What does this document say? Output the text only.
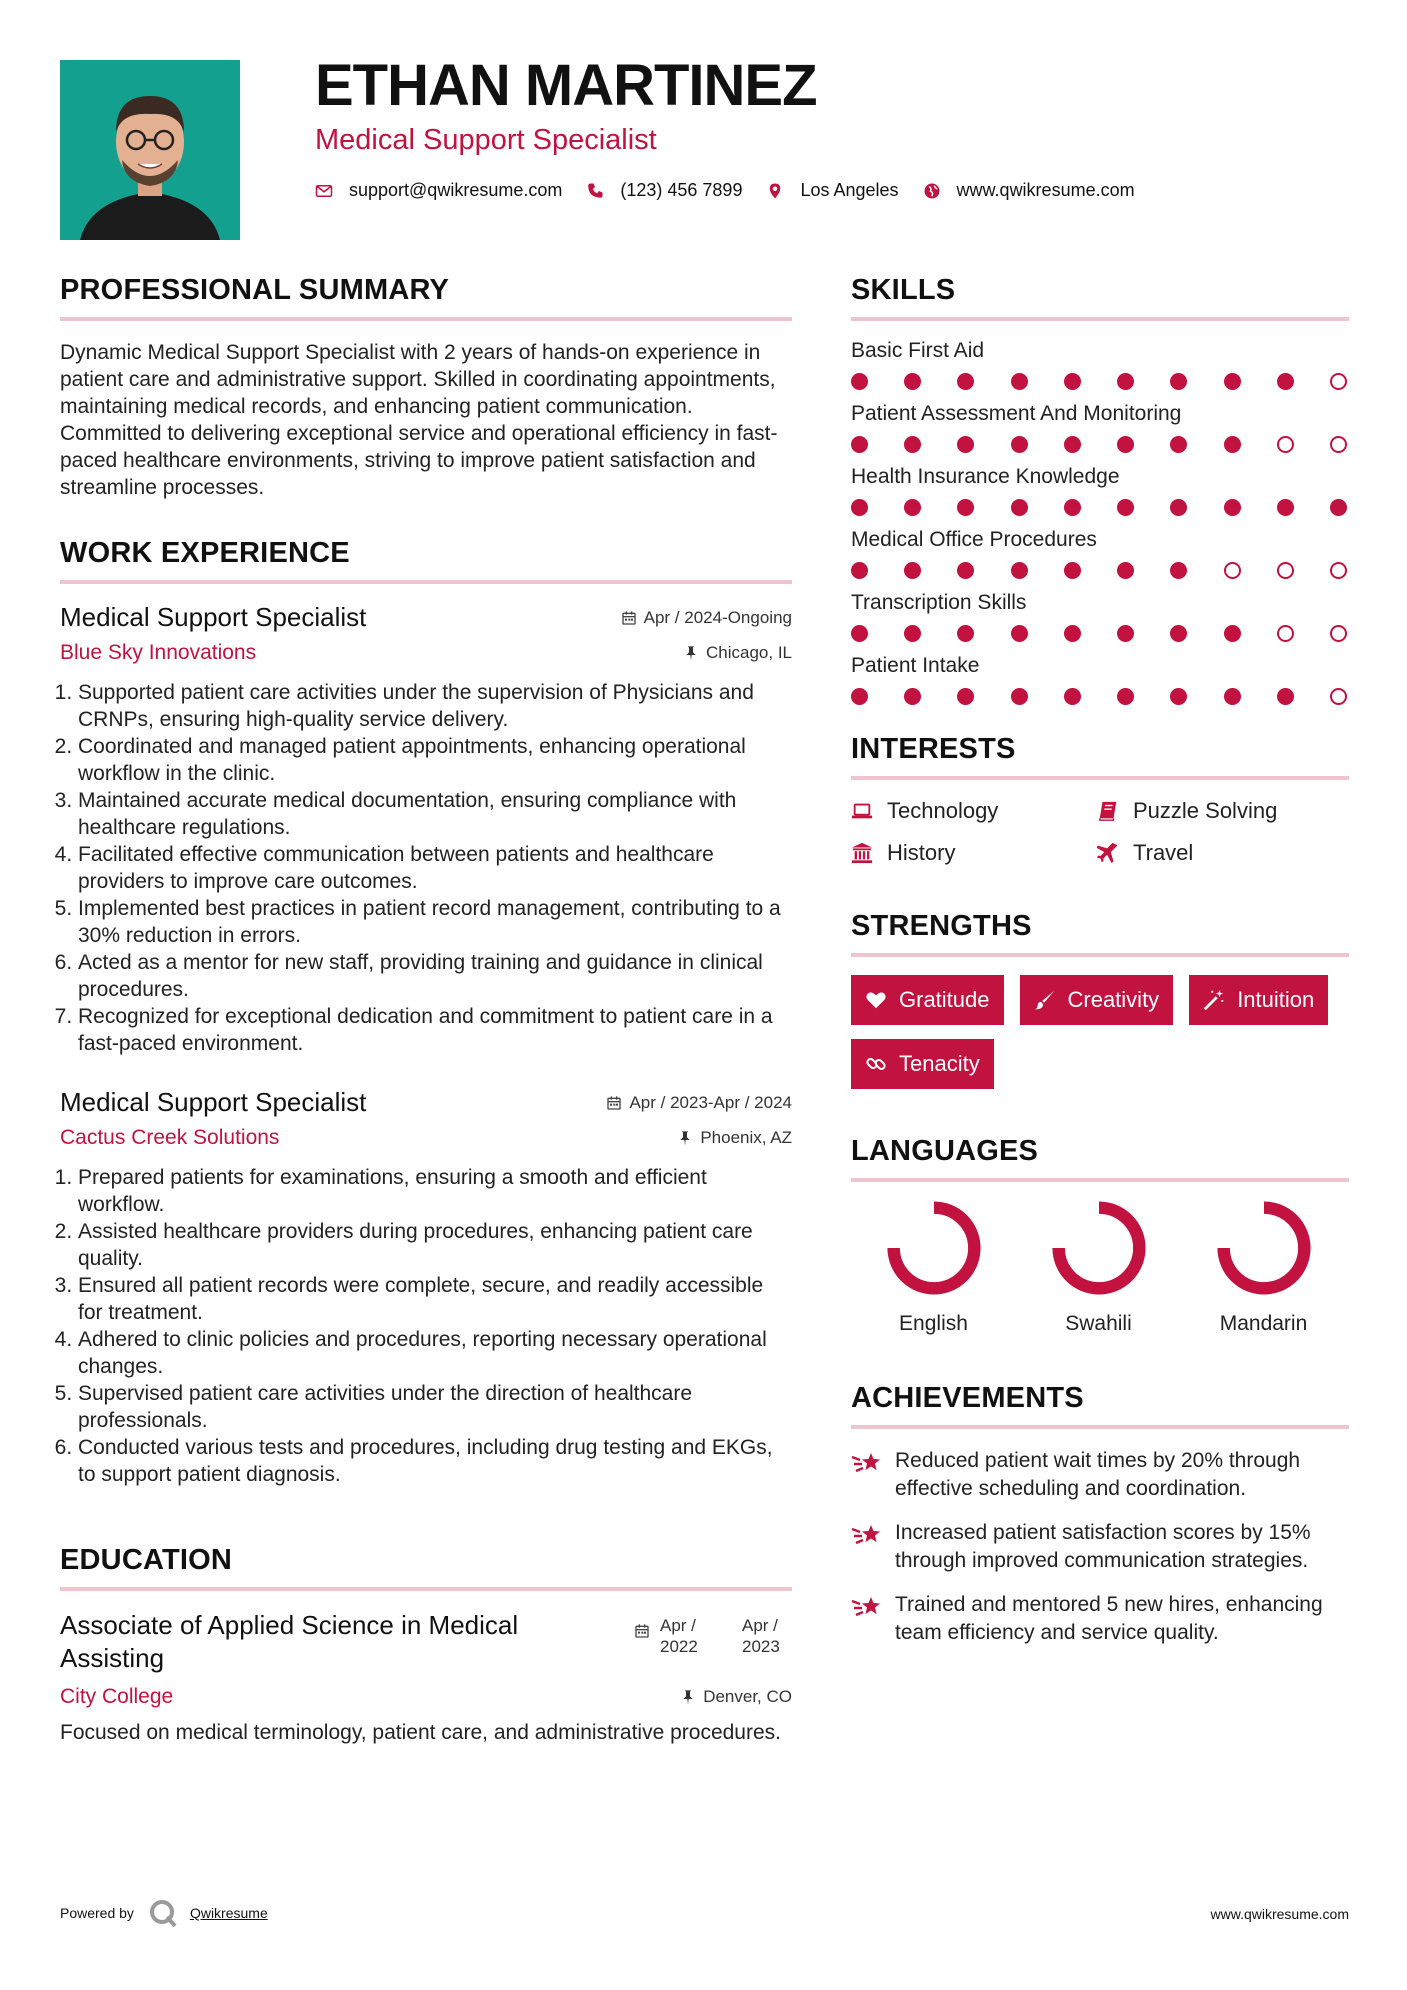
ETHAN MARTINEZ
Medical Support Specialist
support@qwikresume.com	(123) 456 7899	Los Angeles	www.qwikresume.com
PROFESSIONAL SUMMARY
Dynamic Medical Support Specialist with 2 years of hands-on experience in patient care and administrative support. Skilled in coordinating appointments, maintaining medical records, and enhancing patient communication. Committed to delivering exceptional service and operational efficiency in fast-paced healthcare environments, striving to improve patient satisfaction and streamline processes.
WORK EXPERIENCE
Medical Support Specialist	Apr / 2024-Ongoing
Blue Sky Innovations	Chicago, IL
1. Supported patient care activities under the supervision of Physicians and CRNPs, ensuring high-quality service delivery.
2. Coordinated and managed patient appointments, enhancing operational workflow in the clinic.
3. Maintained accurate medical documentation, ensuring compliance with healthcare regulations.
4. Facilitated effective communication between patients and healthcare providers to improve care outcomes.
5. Implemented best practices in patient record management, contributing to a 30% reduction in errors.
6. Acted as a mentor for new staff, providing training and guidance in clinical procedures.
7. Recognized for exceptional dedication and commitment to patient care in a fast-paced environment.
Medical Support Specialist	Apr / 2023-Apr / 2024
Cactus Creek Solutions	Phoenix, AZ
1. Prepared patients for examinations, ensuring a smooth and efficient workflow.
2. Assisted healthcare providers during procedures, enhancing patient care quality.
3. Ensured all patient records were complete, secure, and readily accessible for treatment.
4. Adhered to clinic policies and procedures, reporting necessary operational changes.
5. Supervised patient care activities under the direction of healthcare professionals.
6. Conducted various tests and procedures, including drug testing and EKGs, to support patient diagnosis.
EDUCATION
Associate of Applied Science in Medical Assisting
Apr / 2022
Apr / 2023
City College	Denver, CO
Focused on medical terminology, patient care, and administrative procedures.
SKILLS
Basic First Aid
Patient Assessment And Monitoring
Health Insurance Knowledge
Medical Office Procedures
Transcription Skills
Patient Intake
INTERESTS
Technology	Puzzle Solving
History	Travel
STRENGTHS
Gratitude	Creativity	Intuition
Tenacity
LANGUAGES
English	Swahili	Mandarin
ACHIEVEMENTS
Reduced patient wait times by 20% through effective scheduling and coordination.
Increased patient satisfaction scores by 15% through improved communication strategies.
Trained and mentored 5 new hires, enhancing team efficiency and service quality.
Powered by	Qwikresume	www.qwikresume.com
